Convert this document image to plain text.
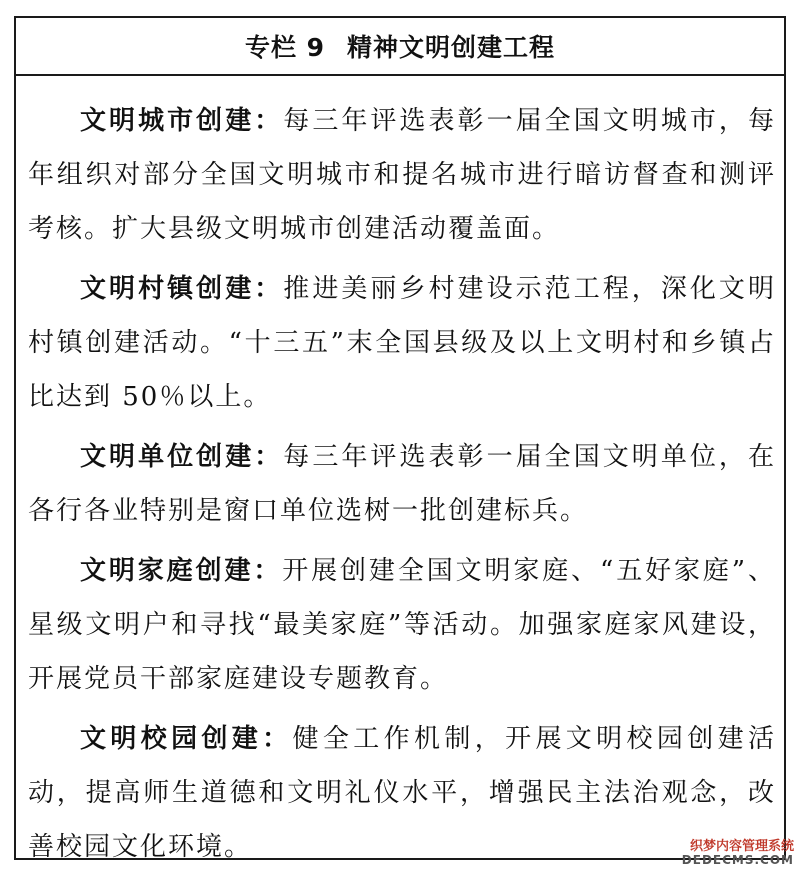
专栏 9 精神文明创建工程

文明城市创建：每三年评选表彰一届全国文明城市，每年组织对部分全国文明城市和提名城市进行暗访督查和测评考核。扩大县级文明城市创建活动覆盖面。

文明村镇创建：推进美丽乡村建设示范工程，深化文明村镇创建活动。“十三五”末全国县级及以上文明村和乡镇占比达到 50％以上。

文明单位创建：每三年评选表彰一届全国文明单位，在各行各业特别是窗口单位选树一批创建标兵。

文明家庭创建：开展创建全国文明家庭、“五好家庭”、星级文明户和寻找“最美家庭”等活动。加强家庭家风建设，开展党员干部家庭建设专题教育。

文明校园创建：健全工作机制，开展文明校园创建活动，提高师生道德和文明礼仪水平，增强民主法治观念，改善校园文化环境。	织梦内容管理系统
DEDECMS.COM
